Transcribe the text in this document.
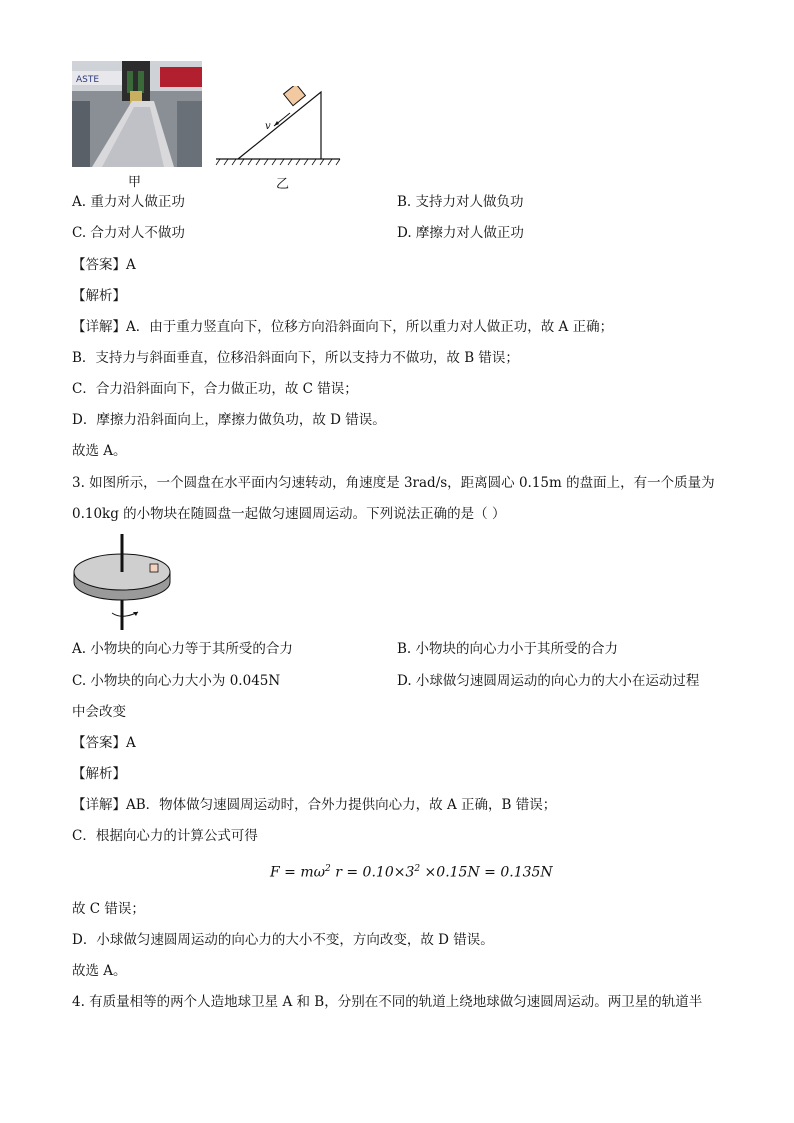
ASTE
甲
v
乙
A. 重力对人做正功	B. 支持力对人做负功
C. 合力对人不做功	D. 摩擦力对人做正功
【答案】A
【解析】
【详解】A．由于重力竖直向下，位移方向沿斜面向下，所以重力对人做正功，故 A 正确；
B．支持力与斜面垂直，位移沿斜面向下，所以支持力不做功，故 B 错误；
C．合力沿斜面向下，合力做正功，故 C 错误；
D．摩擦力沿斜面向上，摩擦力做负功，故 D 错误。
故选 A。
3. 如图所示，一个圆盘在水平面内匀速转动，角速度是 3rad/s，距离圆心 0.15m 的盘面上，有一个质量为
0.10kg 的小物块在随圆盘一起做匀速圆周运动。下列说法正确的是（ ）
A. 小物块的向心力等于其所受的合力	B. 小物块的向心力小于其所受的合力
C. 小物块的向心力大小为 0.045N	D. 小球做匀速圆周运动的向心力的大小在运动过程
中会改变
【答案】A
【解析】
【详解】AB．物体做匀速圆周运动时，合外力提供向心力，故 A 正确，B 错误；
C．根据向心力的计算公式可得
$F = m\omega^2$ $r = 0.10\times 3^2 \times 0.15N = 0.135N$
故 C 错误；
D．小球做匀速圆周运动的向心力的大小不变，方向改变，故 D 错误。
故选 A。
4. 有质量相等的两个人造地球卫星 A 和 B，分别在不同的轨道上绕地球做匀速圆周运动。两卫星的轨道半
